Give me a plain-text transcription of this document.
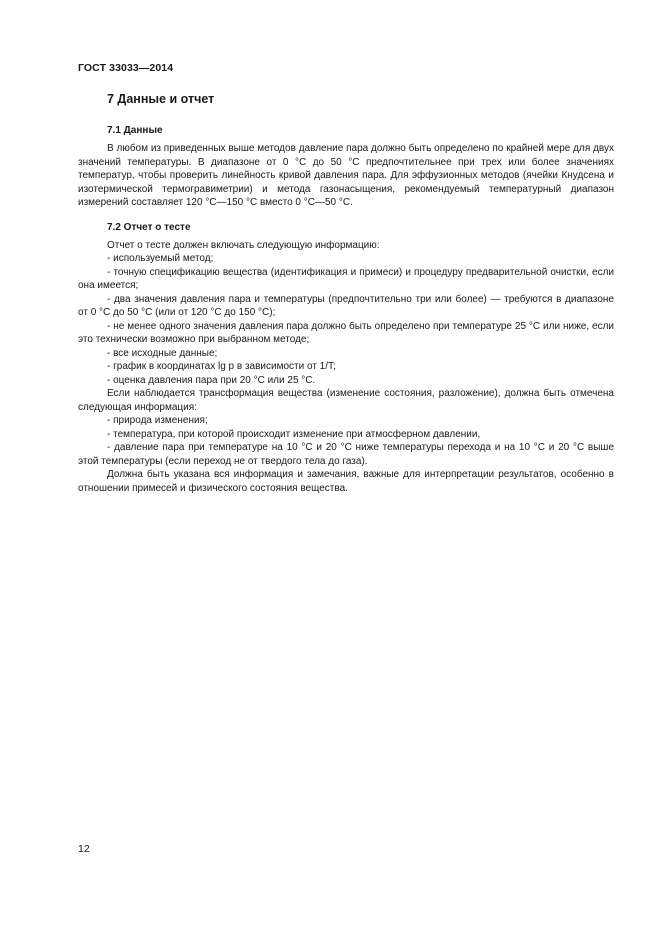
ГОСТ 33033—2014
7 Данные и отчет
7.1 Данные

В любом из приведенных выше методов давление пара должно быть определено по крайней мере для двух значений температуры. В диапазоне от 0 °С до 50 °С предпочтительнее при трех или более значениях температур, чтобы проверить линейность кривой давления пара. Для эффузионных методов (ячейки Кнудсена и изотермической термогравиметрии) и метода газонасыщения, рекомендуемый температурный диапазон измерений составляет 120 °С—150 °С вместо 0 °С—50 °С.

7.2 Отчет о тесте

Отчет о тесте должен включать следующую информацию:

- используемый метод;

- точную спецификацию вещества (идентификация и примеси) и процедуру предварительной очистки, если она имеется;

- два значения давления пара и температуры (предпочтительно три или более) — требуются в диапазоне от 0 °С до 50 °С (или от 120 °С до 150 °С);

- не менее одного значения давления пара должно быть определено при температуре 25 °С или ниже, если это технически возможно при выбранном методе;

- все исходные данные;

- график в координатах lg p в зависимости от 1/T;

- оценка давления пара при 20 °С или 25 °С.

Если наблюдается трансформация вещества (изменение состояния, разложение), должна быть отмечена следующая информация:

- природа изменения;

- температура, при которой происходит изменение при атмосферном давлении,

- давление пара при температуре на 10 °С и 20 °С ниже температуры перехода и на 10 °С и 20 °С выше этой температуры (если переход не от твердого тела до газа).

Должна быть указана вся информация и замечания, важные для интерпретации результатов, особенно в отношении примесей и физического состояния вещества.

12
